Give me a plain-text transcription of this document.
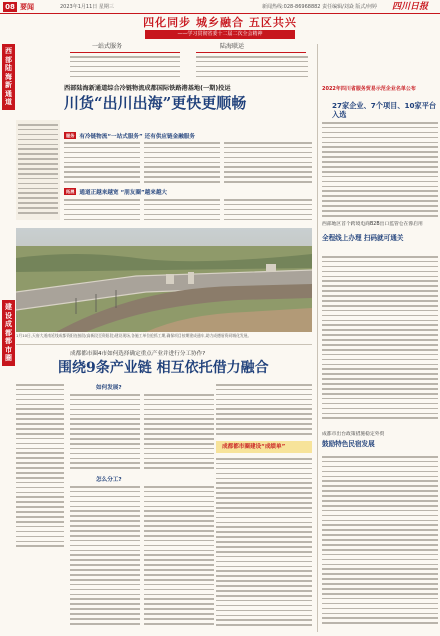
08 要闻	2023年1月11日 星期三	新闻热线:028-86968882 责任编辑/刘焱 版式/何婷 四川日报
四化同步 城乡融合 五区共兴
——学习贯彻省委十二届二次全会精神
西部陆海新通道
建设成都都市圈
一站式服务	陆海联运
西部陆海新通道综合冷链物流成都国际铁路港基地(一期)投运
川货“出川出海”更快更顺畅
服务 有冷链物流“一站式服务” 还有供应链金融服务
拓展 通道正越来越宽 “朋友圈”越来越大
1月10日,天府大道南延线成都资阳连接段(高新段至资阳段)建设现场,各施工单位抢抓工期,确保项目按期建成通车,助力成德眉资同城化发展。
成都都市圈4市如何选择确定重点产业并进行分工协作?
围绕9条产业链 相互依托借力融合
如何发展?
怎么分工?
成都都市圈建设“成绩单”
2022年四川省服务贸易示范企业名单公布
27家企业、7个项目、10家平台入选
西部地区首个跨境电商B2B出口监管仓在蓉启用
全程线上办理 扫码就可通关
成都市出台政策措施稳定外贸
鼓励特色民宿发展
